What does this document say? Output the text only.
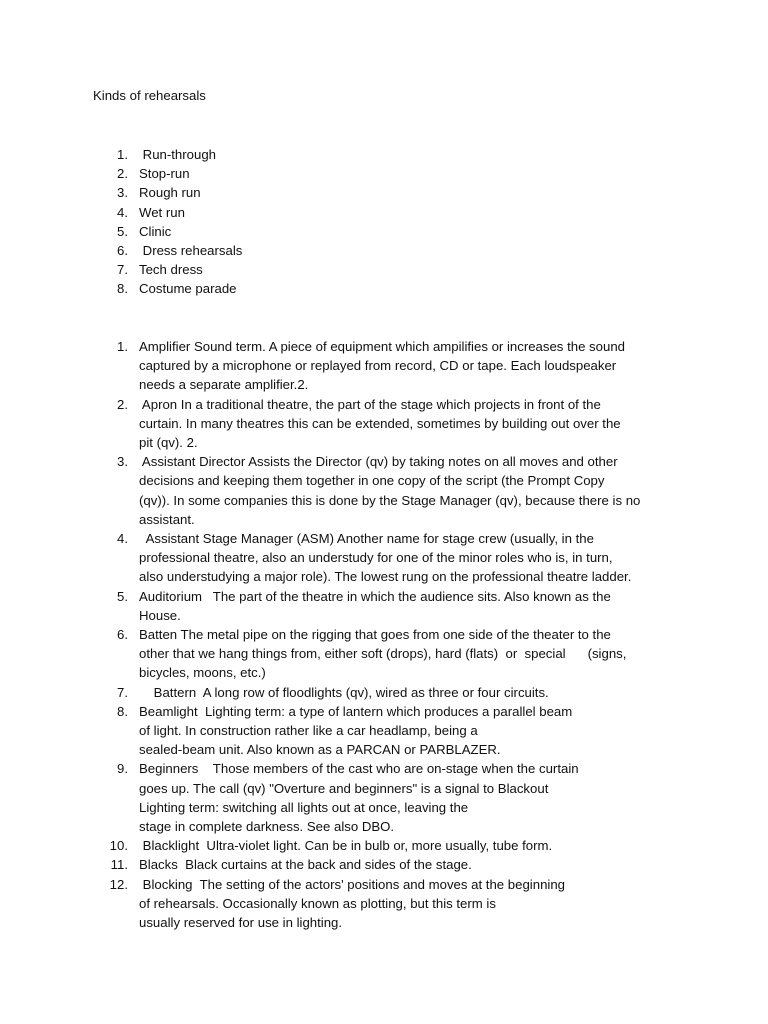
Kinds of rehearsals
1. Run-through
2. Stop-run
3. Rough run
4. Wet run
5. Clinic
6. Dress rehearsals
7. Tech dress
8. Costume parade
1. Amplifier Sound term. A piece of equipment which ampilifies or increases the sound
captured by a microphone or replayed from record, CD or tape. Each loudspeaker
needs a separate amplifier.2.
2. Apron In a traditional theatre, the part of the stage which projects in front of the
curtain. In many theatres this can be extended, sometimes by building out over the
pit (qv). 2.
3. Assistant Director Assists the Director (qv) by taking notes on all moves and other
decisions and keeping them together in one copy of the script (the Prompt Copy
(qv)). In some companies this is done by the Stage Manager (qv), because there is no
assistant.
4. Assistant Stage Manager (ASM) Another name for stage crew (usually, in the
professional theatre, also an understudy for one of the minor roles who is, in turn,
also understudying a major role). The lowest rung on the professional theatre ladder.
5. Auditorium   The part of the theatre in which the audience sits. Also known as the
House.
6. Batten The metal pipe on the rigging that goes from one side of the theater to the
other that we hang things from, either soft (drops), hard (flats)  or  special      (signs,
bicycles, moons, etc.)
7. Battern  A long row of floodlights (qv), wired as three or four circuits.
8. Beamlight  Lighting term: a type of lantern which produces a parallel beam
of light. In construction rather like a car headlamp, being a
sealed-beam unit. Also known as a PARCAN or PARBLAZER.
9. Beginners    Those members of the cast who are on-stage when the curtain
goes up. The call (qv) "Overture and beginners" is a signal to Blackout
Lighting term: switching all lights out at once, leaving the
stage in complete darkness. See also DBO.
10. Blacklight  Ultra-violet light. Can be in bulb or, more usually, tube form.
11. Blacks  Black curtains at the back and sides of the stage.
12. Blocking  The setting of the actors' positions and moves at the beginning
of rehearsals. Occasionally known as plotting, but this term is
usually reserved for use in lighting.
